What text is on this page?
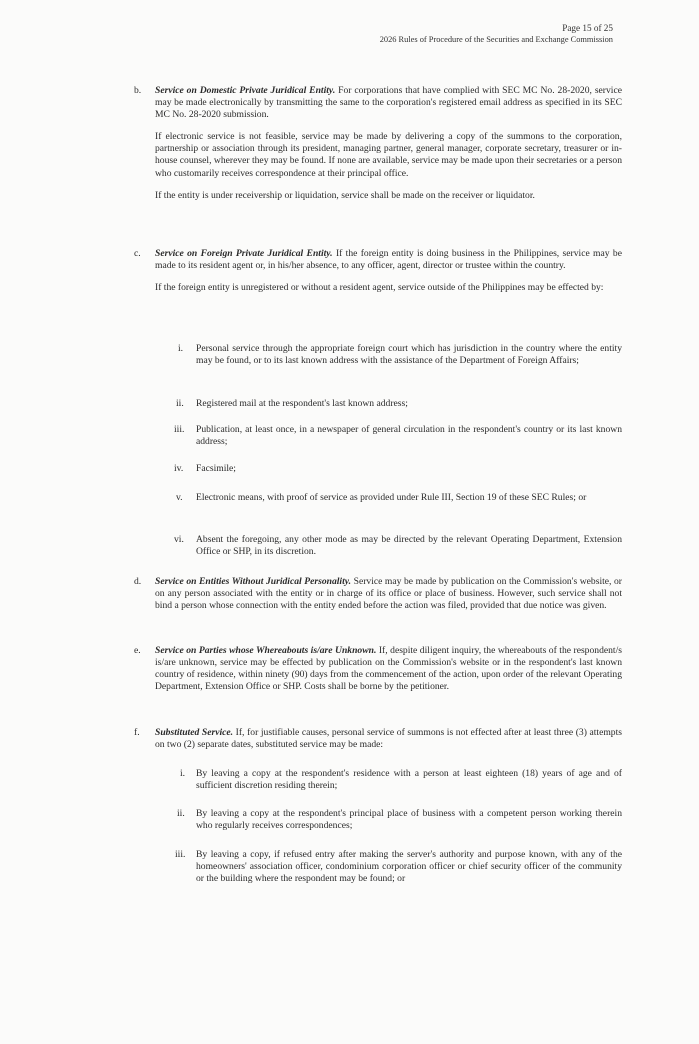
Page 15 of 25
2026 Rules of Procedure of the Securities and Exchange Commission
b. Service on Domestic Private Juridical Entity. For corporations that have complied with SEC MC No. 28-2020, service may be made electronically by transmitting the same to the corporation's registered email address as specified in its SEC MC No. 28-2020 submission.

If electronic service is not feasible, service may be made by delivering a copy of the summons to the corporation, partnership or association through its president, managing partner, general manager, corporate secretary, treasurer or in-house counsel, wherever they may be found. If none are available, service may be made upon their secretaries or a person who customarily receives correspondence at their principal office.

If the entity is under receivership or liquidation, service shall be made on the receiver or liquidator.

c. Service on Foreign Private Juridical Entity. If the foreign entity is doing business in the Philippines, service may be made to its resident agent or, in his/her absence, to any officer, agent, director or trustee within the country.

If the foreign entity is unregistered or without a resident agent, service outside of the Philippines may be effected by:

i. Personal service through the appropriate foreign court which has jurisdiction in the country where the entity may be found, or to its last known address with the assistance of the Department of Foreign Affairs;
ii. Registered mail at the respondent's last known address;
iii. Publication, at least once, in a newspaper of general circulation in the respondent's country or its last known address;
iv. Facsimile;
v. Electronic means, with proof of service as provided under Rule III, Section 19 of these SEC Rules; or
vi. Absent the foregoing, any other mode as may be directed by the relevant Operating Department, Extension Office or SHP, in its discretion.
d. Service on Entities Without Juridical Personality. Service may be made by publication on the Commission's website, or on any person associated with the entity or in charge of its office or place of business. However, such service shall not bind a person whose connection with the entity ended before the action was filed, provided that due notice was given.

e. Service on Parties whose Whereabouts is/are Unknown. If, despite diligent inquiry, the whereabouts of the respondent/s is/are unknown, service may be effected by publication on the Commission's website or in the respondent's last known country of residence, within ninety (90) days from the commencement of the action, upon order of the relevant Operating Department, Extension Office or SHP. Costs shall be borne by the petitioner.

f. Substituted Service. If, for justifiable causes, personal service of summons is not effected after at least three (3) attempts on two (2) separate dates, substituted service may be made:

i. By leaving a copy at the respondent's residence with a person at least eighteen (18) years of age and of sufficient discretion residing therein;
ii. By leaving a copy at the respondent's principal place of business with a competent person working therein who regularly receives correspondences;
iii. By leaving a copy, if refused entry after making the server's authority and purpose known, with any of the homeowners' association officer, condominium corporation officer or chief security officer of the community or the building where the respondent may be found; or
